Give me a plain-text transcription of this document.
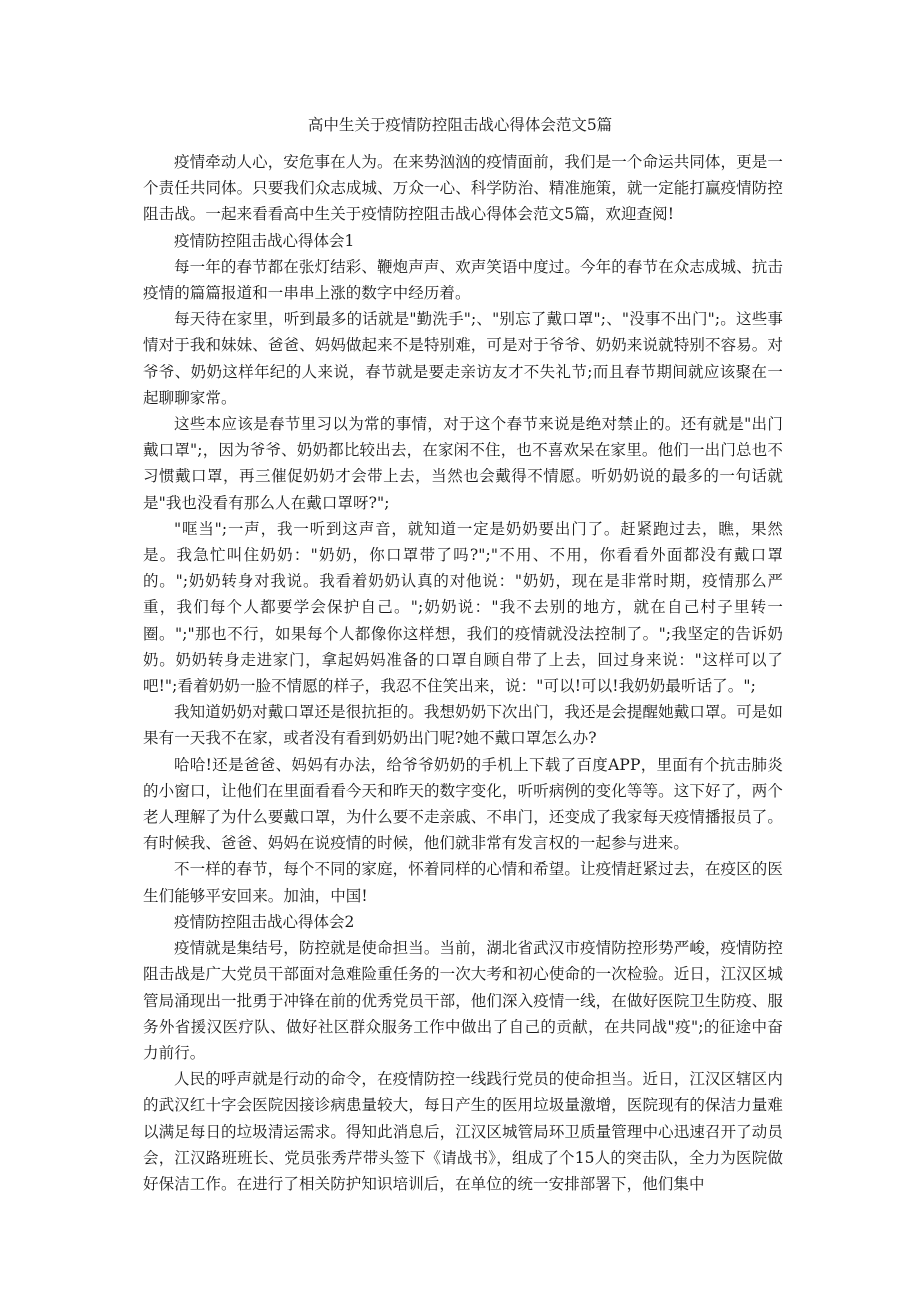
高中生关于疫情防控阻击战心得体会范文5篇

疫情牵动人心，安危事在人为。在来势汹汹的疫情面前，我们是一个命运共同体，更是一个责任共同体。只要我们众志成城、万众一心、科学防治、精准施策，就一定能打赢疫情防控阻击战。一起来看看高中生关于疫情防控阻击战心得体会范文5篇，欢迎查阅!

疫情防控阻击战心得体会1

每一年的春节都在张灯结彩、鞭炮声声、欢声笑语中度过。今年的春节在众志成城、抗击疫情的篇篇报道和一串串上涨的数字中经历着。

每天待在家里，听到最多的话就是"勤洗手";、"别忘了戴口罩";、"没事不出门";。这些事情对于我和妹妹、爸爸、妈妈做起来不是特别难，可是对于爷爷、奶奶来说就特别不容易。对爷爷、奶奶这样年纪的人来说，春节就是要走亲访友才不失礼节;而且春节期间就应该聚在一起聊聊家常。

这些本应该是春节里习以为常的事情，对于这个春节来说是绝对禁止的。还有就是"出门戴口罩";，因为爷爷、奶奶都比较出去，在家闲不住，也不喜欢呆在家里。他们一出门总也不习惯戴口罩，再三催促奶奶才会带上去，当然也会戴得不情愿。听奶奶说的最多的一句话就是"我也没看有那么人在戴口罩呀?";

"哐当";一声，我一听到这声音，就知道一定是奶奶要出门了。赶紧跑过去，瞧，果然是。我急忙叫住奶奶："奶奶，你口罩带了吗?";"不用、不用，你看看外面都没有戴口罩的。";奶奶转身对我说。我看着奶奶认真的对他说："奶奶，现在是非常时期，疫情那么严重，我们每个人都要学会保护自己。";奶奶说："我不去别的地方，就在自己村子里转一圈。";"那也不行，如果每个人都像你这样想，我们的疫情就没法控制了。";我坚定的告诉奶奶。奶奶转身走进家门，拿起妈妈准备的口罩自顾自带了上去，回过身来说："这样可以了吧!";看着奶奶一脸不情愿的样子，我忍不住笑出来，说："可以!可以!我奶奶最听话了。";

我知道奶奶对戴口罩还是很抗拒的。我想奶奶下次出门，我还是会提醒她戴口罩。可是如果有一天我不在家，或者没有看到奶奶出门呢?她不戴口罩怎么办?

哈哈!还是爸爸、妈妈有办法，给爷爷奶奶的手机上下载了百度APP，里面有个抗击肺炎的小窗口，让他们在里面看看今天和昨天的数字变化，听听病例的变化等等。这下好了，两个老人理解了为什么要戴口罩，为什么要不走亲戚、不串门，还变成了我家每天疫情播报员了。有时候我、爸爸、妈妈在说疫情的时候，他们就非常有发言权的一起参与进来。

不一样的春节，每个不同的家庭，怀着同样的心情和希望。让疫情赶紧过去，在疫区的医生们能够平安回来。加油，中国!

疫情防控阻击战心得体会2

疫情就是集结号，防控就是使命担当。当前，湖北省武汉市疫情防控形势严峻，疫情防控阻击战是广大党员干部面对急难险重任务的一次大考和初心使命的一次检验。近日，江汉区城管局涌现出一批勇于冲锋在前的优秀党员干部，他们深入疫情一线，在做好医院卫生防疫、服务外省援汉医疗队、做好社区群众服务工作中做出了自己的贡献，在共同战"疫";的征途中奋力前行。

人民的呼声就是行动的命令，在疫情防控一线践行党员的使命担当。近日，江汉区辖区内的武汉红十字会医院因接诊病患量较大，每日产生的医用垃圾量激增，医院现有的保洁力量难以满足每日的垃圾清运需求。得知此消息后，江汉区城管局环卫质量管理中心迅速召开了动员会，江汉路班班长、党员张秀芹带头签下《请战书》，组成了个15人的突击队，全力为医院做好保洁工作。在进行了相关防护知识培训后，在单位的统一安排部署下，他们集中
